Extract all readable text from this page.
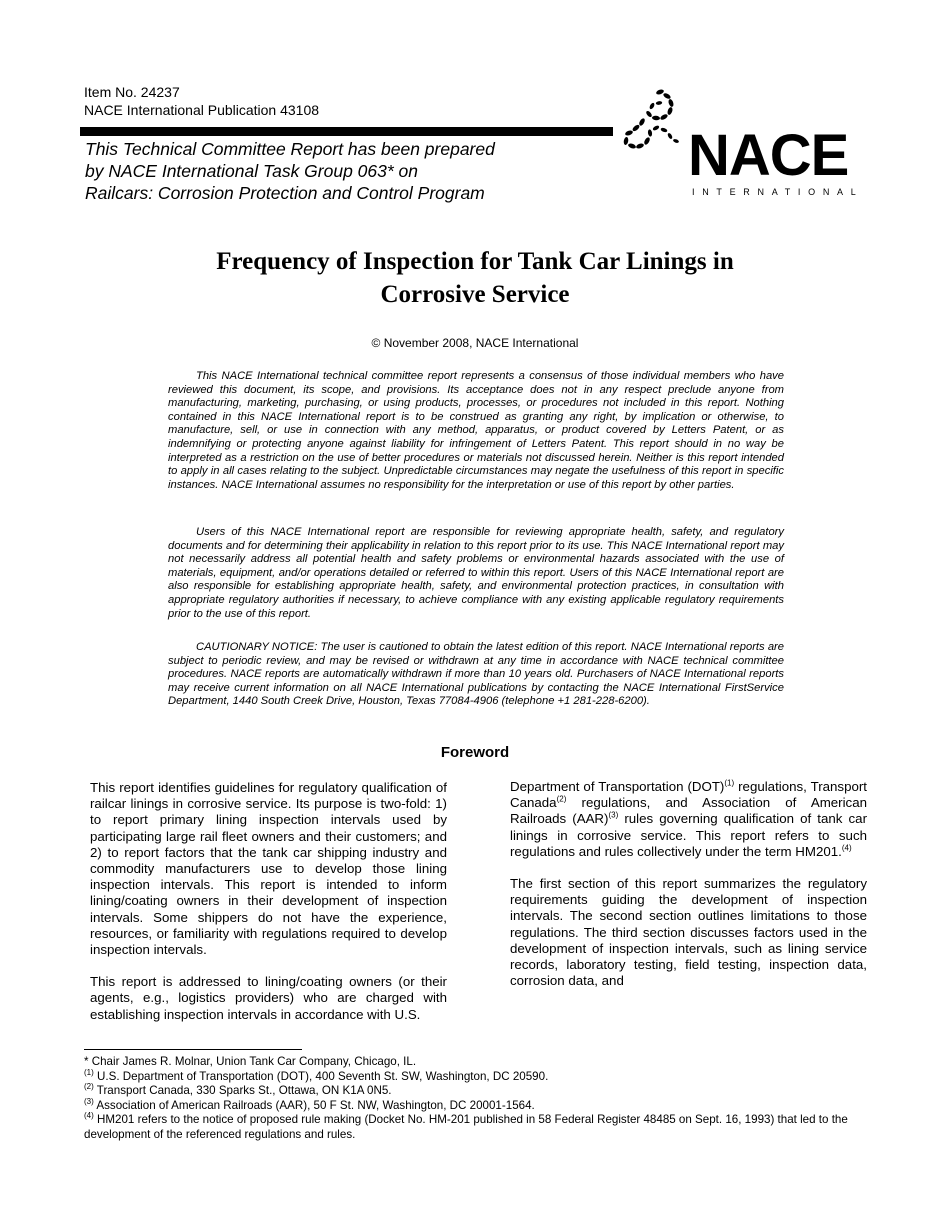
Item No. 24237
NACE International Publication 43108
This Technical Committee Report has been prepared
by NACE International Task Group 063* on
Railcars: Corrosion Protection and Control Program
NACE
INTERNATIONAL
Frequency of Inspection for Tank Car Linings in
Corrosive Service
© November 2008, NACE International

This NACE International technical committee report represents a consensus of those individual members who have reviewed this document, its scope, and provisions. Its acceptance does not in any respect preclude anyone from manufacturing, marketing, purchasing, or using products, processes, or procedures not included in this report. Nothing contained in this NACE International report is to be construed as granting any right, by implication or otherwise, to manufacture, sell, or use in connection with any method, apparatus, or product covered by Letters Patent, or as indemnifying or protecting anyone against liability for infringement of Letters Patent. This report should in no way be interpreted as a restriction on the use of better procedures or materials not discussed herein. Neither is this report intended to apply in all cases relating to the subject. Unpredictable circumstances may negate the usefulness of this report in specific instances. NACE International assumes no responsibility for the interpretation or use of this report by other parties.

Users of this NACE International report are responsible for reviewing appropriate health, safety, and regulatory documents and for determining their applicability in relation to this report prior to its use. This NACE International report may not necessarily address all potential health and safety problems or environmental hazards associated with the use of materials, equipment, and/or operations detailed or referred to within this report. Users of this NACE International report are also responsible for establishing appropriate health, safety, and environmental protection practices, in consultation with appropriate regulatory authorities if necessary, to achieve compliance with any existing applicable regulatory requirements prior to the use of this report.

CAUTIONARY NOTICE: The user is cautioned to obtain the latest edition of this report. NACE International reports are subject to periodic review, and may be revised or withdrawn at any time in accordance with NACE technical committee procedures. NACE reports are automatically withdrawn if more than 10 years old. Purchasers of NACE International reports may receive current information on all NACE International publications by contacting the NACE International FirstService Department, 1440 South Creek Drive, Houston, Texas 77084-4906 (telephone +1 281-228-6200).

Foreword

This report identifies guidelines for regulatory qualification of railcar linings in corrosive service. Its purpose is two-fold: 1) to report primary lining inspection intervals used by participating large rail fleet owners and their customers; and 2) to report factors that the tank car shipping industry and commodity manufacturers use to develop those lining inspection intervals. This report is intended to inform lining/coating owners in their development of inspection intervals. Some shippers do not have the experience, resources, or familiarity with regulations required to develop inspection intervals.

This report is addressed to lining/coating owners (or their agents, e.g., logistics providers) who are charged with establishing inspection intervals in accordance with U.S.

Department of Transportation (DOT)$^{(1)}$ regulations, Transport Canada$^{(2)}$ regulations, and Association of American Railroads (AAR)$^{(3)}$ rules governing qualification of tank car linings in corrosive service. This report refers to such regulations and rules collectively under the term HM201.$^{(4)}$

The first section of this report summarizes the regulatory requirements guiding the development of inspection intervals. The second section outlines limitations to those regulations. The third section discusses factors used in the development of inspection intervals, such as lining service records, laboratory testing, field testing, inspection data, corrosion data, and

* Chair James R. Molnar, Union Tank Car Company, Chicago, IL.
$^{(1)}$ U.S. Department of Transportation (DOT), 400 Seventh St. SW, Washington, DC 20590.
$^{(2)}$ Transport Canada, 330 Sparks St., Ottawa, ON K1A 0N5.
$^{(3)}$ Association of American Railroads (AAR), 50 F St. NW, Washington, DC 20001-1564.
$^{(4)}$ HM201 refers to the notice of proposed rule making (Docket No. HM-201 published in 58 Federal Register 48485 on Sept. 16, 1993) that led to the development of the referenced regulations and rules.
